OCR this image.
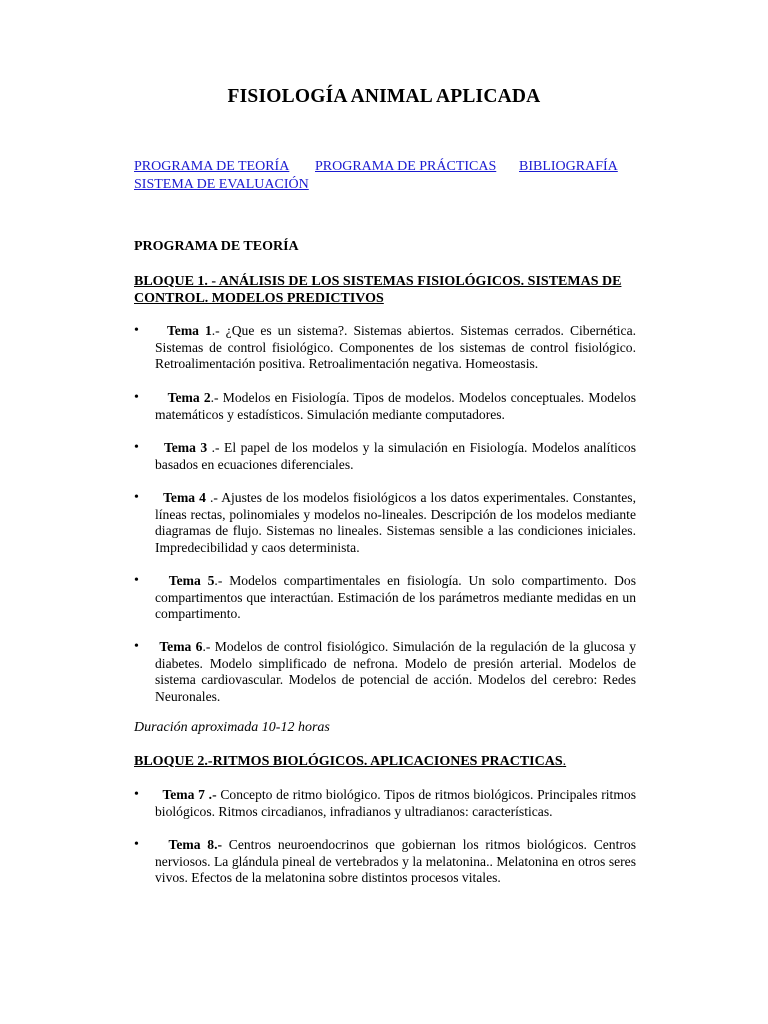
FISIOLOGÍA ANIMAL APLICADA
PROGRAMA DE TEORÍA PROGRAMA DE PRÁCTICAS BIBLIOGRAFÍA
SISTEMA DE EVALUACIÓN
PROGRAMA DE TEORÍA
BLOQUE 1. - ANÁLISIS DE LOS SISTEMAS FISIOLÓGICOS. SISTEMAS DE CONTROL. MODELOS PREDICTIVOS
•	Tema 1.- ¿Que es un sistema?. Sistemas abiertos. Sistemas cerrados. Cibernética. Sistemas de control fisiológico. Componentes de los sistemas de control fisiológico. Retroalimentación positiva. Retroalimentación negativa. Homeostasis.
•	Tema 2.- Modelos en Fisiología. Tipos de modelos. Modelos conceptuales. Modelos matemáticos y estadísticos. Simulación mediante computadores.
•	Tema 3 .- El papel de los modelos y la simulación en Fisiología. Modelos analíticos basados en ecuaciones diferenciales.
•	Tema 4 .- Ajustes de los modelos fisiológicos a los datos experimentales. Constantes, líneas rectas, polinomiales y modelos no-lineales. Descripción de los modelos mediante diagramas de flujo. Sistemas no lineales. Sistemas sensible a las condiciones iniciales. Impredecibilidad y caos determinista.
•	Tema 5.- Modelos compartimentales en fisiología. Un solo compartimento. Dos compartimentos que interactúan. Estimación de los parámetros mediante medidas en un compartimento.
•	Tema 6.- Modelos de control fisiológico. Simulación de la regulación de la glucosa y diabetes. Modelo simplificado de nefrona. Modelo de presión arterial. Modelos de sistema cardiovascular. Modelos de potencial de acción. Modelos del cerebro: Redes Neuronales.
Duración aproximada 10-12 horas
BLOQUE 2.-RITMOS BIOLÓGICOS. APLICACIONES PRACTICAS.
•	Tema 7 .- Concepto de ritmo biológico. Tipos de ritmos biológicos. Principales ritmos biológicos. Ritmos circadianos, infradianos y ultradianos: características.
•	Tema 8.- Centros neuroendocrinos que gobiernan los ritmos biológicos. Centros nerviosos. La glándula pineal de vertebrados y la melatonina.. Melatonina en otros seres vivos. Efectos de la melatonina sobre distintos procesos vitales.
